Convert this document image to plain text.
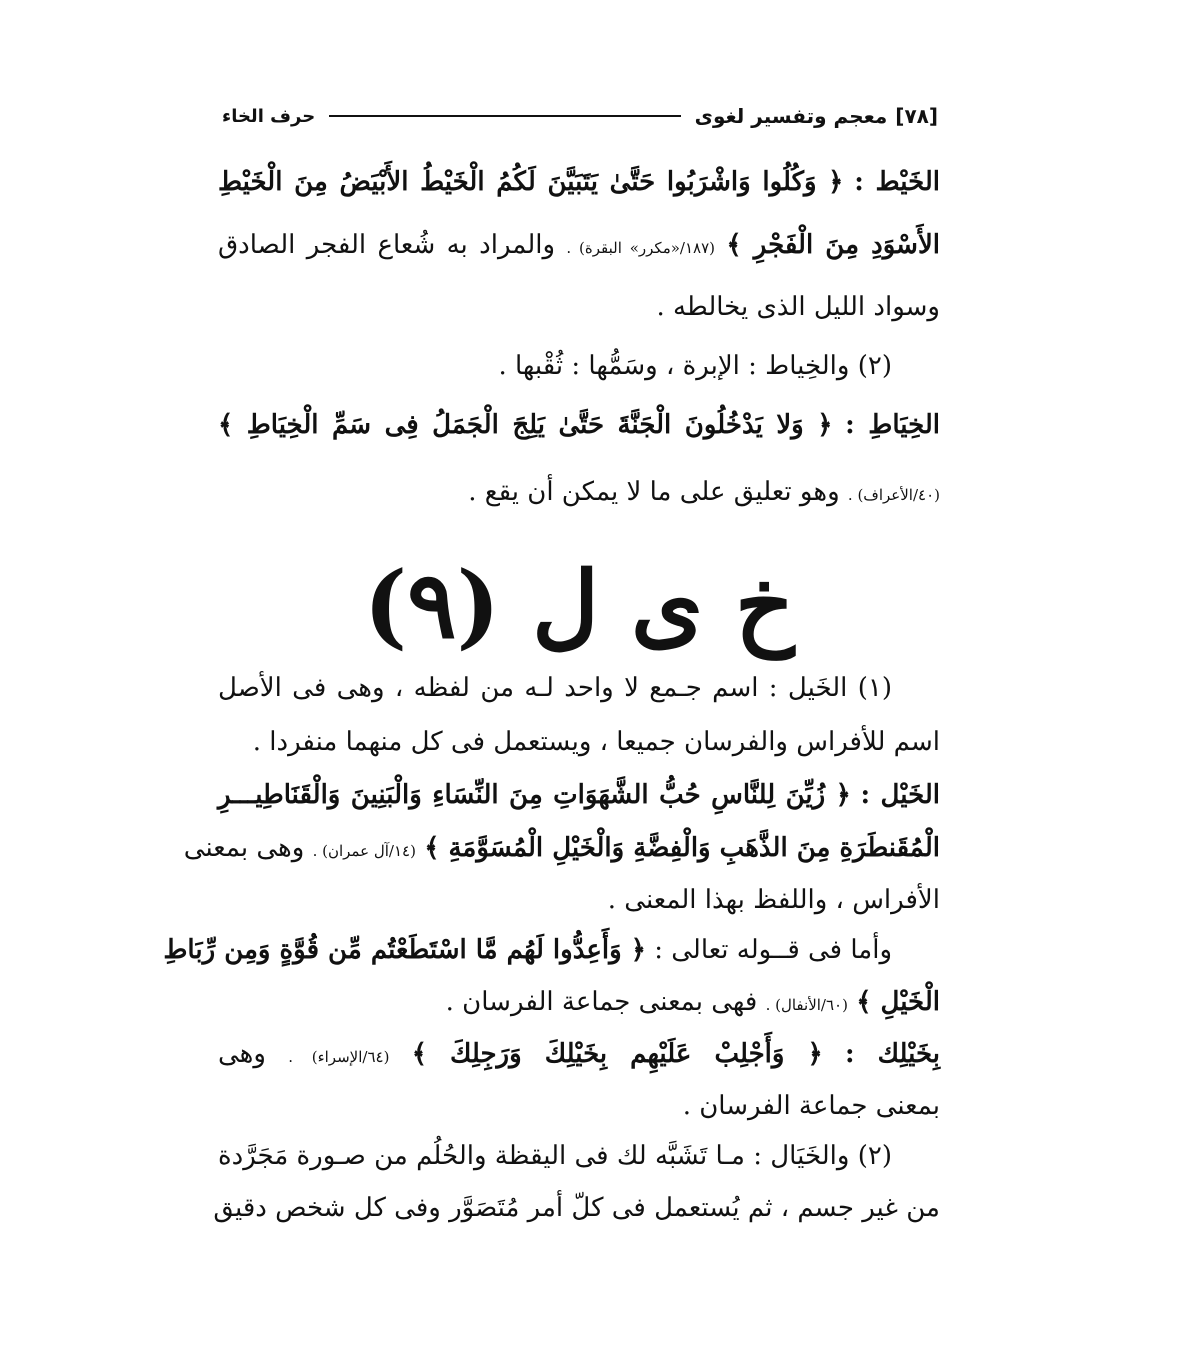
[٧٨]
معجم وتفسير لغوى
حرف الخاء
الخَيْط : ﴿ وَكُلُوا وَاشْرَبُوا حَتَّىٰ يَتَبَيَّنَ لَكُمُ الْخَيْطُ الأَبْيَضُ مِنَ الْخَيْطِ
الأَسْوَدِ مِنَ الْفَجْرِ ﴾ (١٨٧/«مكرر» البقرة) . والمراد به شُعاع الفجر الصادق
وسواد الليل الذى يخالطه .
(٢) والخِياط : الإبرة ، وسَمُّها : ثُقْبها .
الخِيَاطِ : ﴿ وَلا يَدْخُلُونَ الْجَنَّةَ حَتَّىٰ يَلِجَ الْجَمَلُ فِى سَمِّ الْخِيَاطِ ﴾
(٤٠/الأعراف) . وهو تعليق على ما لا يمكن أن يقع .
خ ى ل (٩)
(١) الخَيل : اسم جـمع لا واحد لـه من لفظه ، وهى فى الأصل
اسم للأفراس والفرسان جميعا ، ويستعمل فى كل منهما منفردا .
الخَيْل : ﴿ زُيِّنَ لِلنَّاسِ حُبُّ الشَّهَوَاتِ مِنَ النِّسَاءِ وَالْبَنِينَ وَالْقَنَاطِيـــرِ
الْمُقَنطَرَةِ مِنَ الذَّهَبِ وَالْفِضَّةِ وَالْخَيْلِ الْمُسَوَّمَةِ ﴾ (١٤/آل عمران) . وهى بمعنى
الأفراس ، واللفظ بهذا المعنى .
وأما فى قــوله تعالى : ﴿ وَأَعِدُّوا لَهُم مَّا اسْتَطَعْتُم مِّن قُوَّةٍ وَمِن رِّبَاطِ
الْخَيْلِ ﴾ (٦٠/الأنفال) . فهى بمعنى جماعة الفرسان .
بِخَيْلِك : ﴿ وَأَجْلِبْ عَلَيْهِم بِخَيْلِكَ وَرَجِلِكَ ﴾ (٦٤/الإسراء) . وهى
بمعنى جماعة الفرسان .
(٢) والخَيَال : مـا تَشَبَّه لك فى اليقظة والحُلُم من صـورة مَجَرَّدة
من غير جسم ، ثم يُستعمل فى كلّ أمر مُتَصَوَّر وفى كل شخص دقيق
